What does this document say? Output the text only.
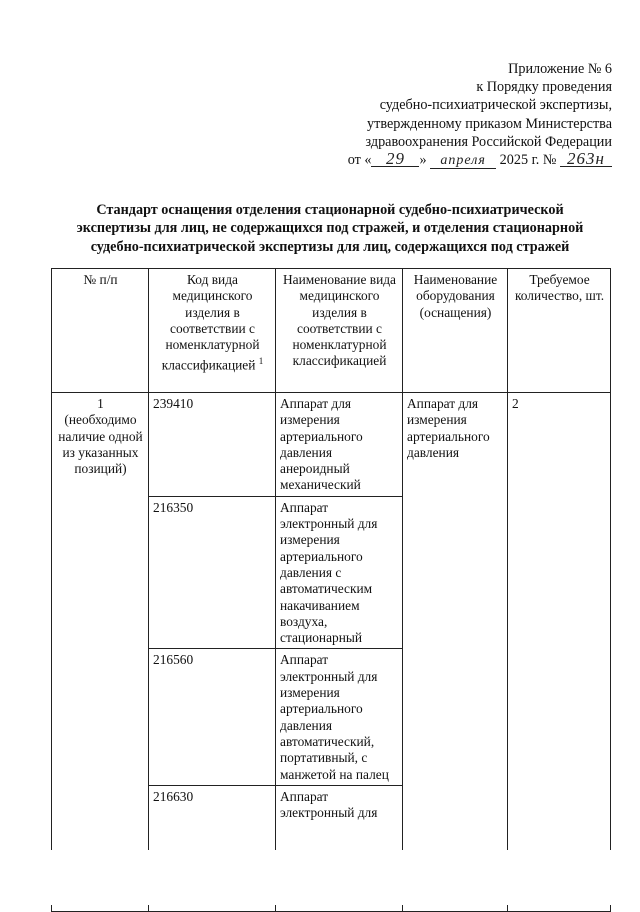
Приложение № 6
к Порядку проведения
судебно-психиатрической экспертизы,
утвержденному приказом Министерства
здравоохранения Российской Федерации
от « 29 » апреля 2025 г. № 263н
Стандарт оснащения отделения стационарной судебно-психиатрической
экспертизы для лиц, не содержащихся под стражей, и отделения стационарной
судебно-психиатрической экспертизы для лиц, содержащихся под стражей
№ п/п	Код вида медицинского изделия в соответствии с номенклатурной классификацией $^1$	Наименование вида медицинского изделия в соответствии с номенклатурной классификацией	Наименование оборудования (оснащения)	Требуемое количество, шт.

1
(необходимо наличие одной из указанных позиций)	239410	Аппарат для измерения артериального давления анероидный механический	Аппарат для измерения артериального давления	2
	216350	Аппарат электронный для измерения артериального давления с автоматическим накачиванием воздуха, стационарный		
	216560	Аппарат электронный для измерения артериального давления автоматический, портативный, с манжетой на палец		
	216630	Аппарат электронный для		
